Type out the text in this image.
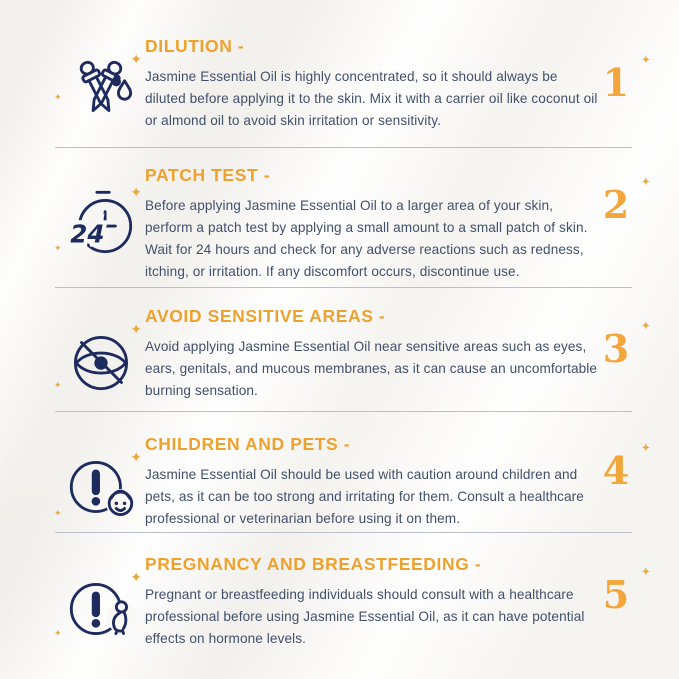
✦
✦
DILUTION -

Jasmine Essential Oil is highly concentrated, so it should always be diluted before applying it to the skin. Mix it with a carrier oil like coconut oil or almond oil to avoid skin irritation or sensitivity.

1 ✦
24
✦
✦
PATCH TEST -

Before applying Jasmine Essential Oil to a larger area of your skin, perform a patch test by applying a small amount to a small patch of skin. Wait for 24 hours and check for any adverse reactions such as redness, itching, or irritation. If any discomfort occurs, discontinue use.

2 ✦
✦
✦
AVOID SENSITIVE AREAS -

Avoid applying Jasmine Essential Oil near sensitive areas such as eyes, ears, genitals, and mucous membranes, as it can cause an uncomfortable burning sensation.

3 ✦
✦
✦
CHILDREN AND PETS -

Jasmine Essential Oil should be used with caution around children and pets, as it can be too strong and irritating for them. Consult a healthcare professional or veterinarian before using it on them.

4 ✦
✦
✦
PREGNANCY AND BREASTFEEDING -

Pregnant or breastfeeding individuals should consult with a healthcare professional before using Jasmine Essential Oil, as it can have potential effects on hormone levels.

5 ✦
